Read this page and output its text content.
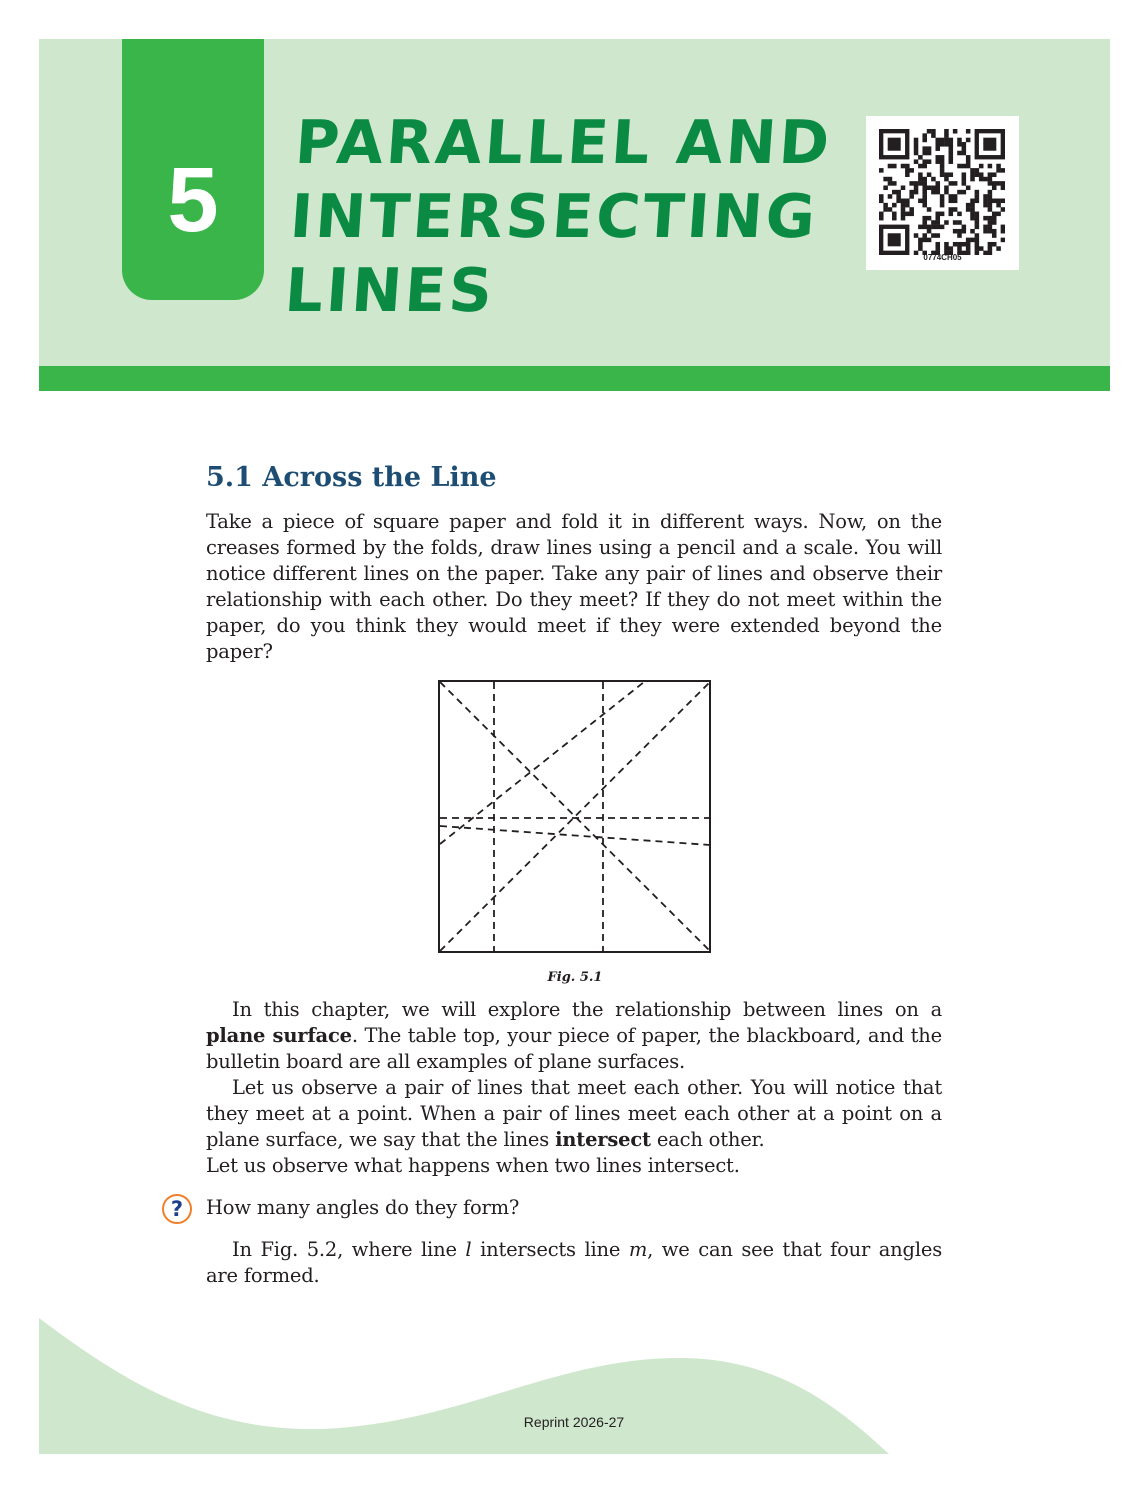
5
PARALLEL AND
INTERSECTING
LINES	0774CH05
5.1 Across the Line

Take a piece of square paper and fold it in different ways. Now, on the creases formed by the folds, draw lines using a pencil and a scale. You will notice different lines on the paper. Take any pair of lines and observe their relationship with each other. Do they meet? If they do not meet within the paper, do you think they would meet if they were extended beyond the paper?

Fig. 5.1

In this chapter, we will explore the relationship between lines on a plane surface. The table top, your piece of paper, the blackboard, and the bulletin board are all examples of plane surfaces.

Let us observe a pair of lines that meet each other. You will notice that they meet at a point. When a pair of lines meet each other at a point on a plane surface, we say that the lines intersect each other.

Let us observe what happens when two lines intersect.

?	How many angles do they form?

In Fig. 5.2, where line l intersects line m, we can see that four angles are formed.

Reprint 2026-27
